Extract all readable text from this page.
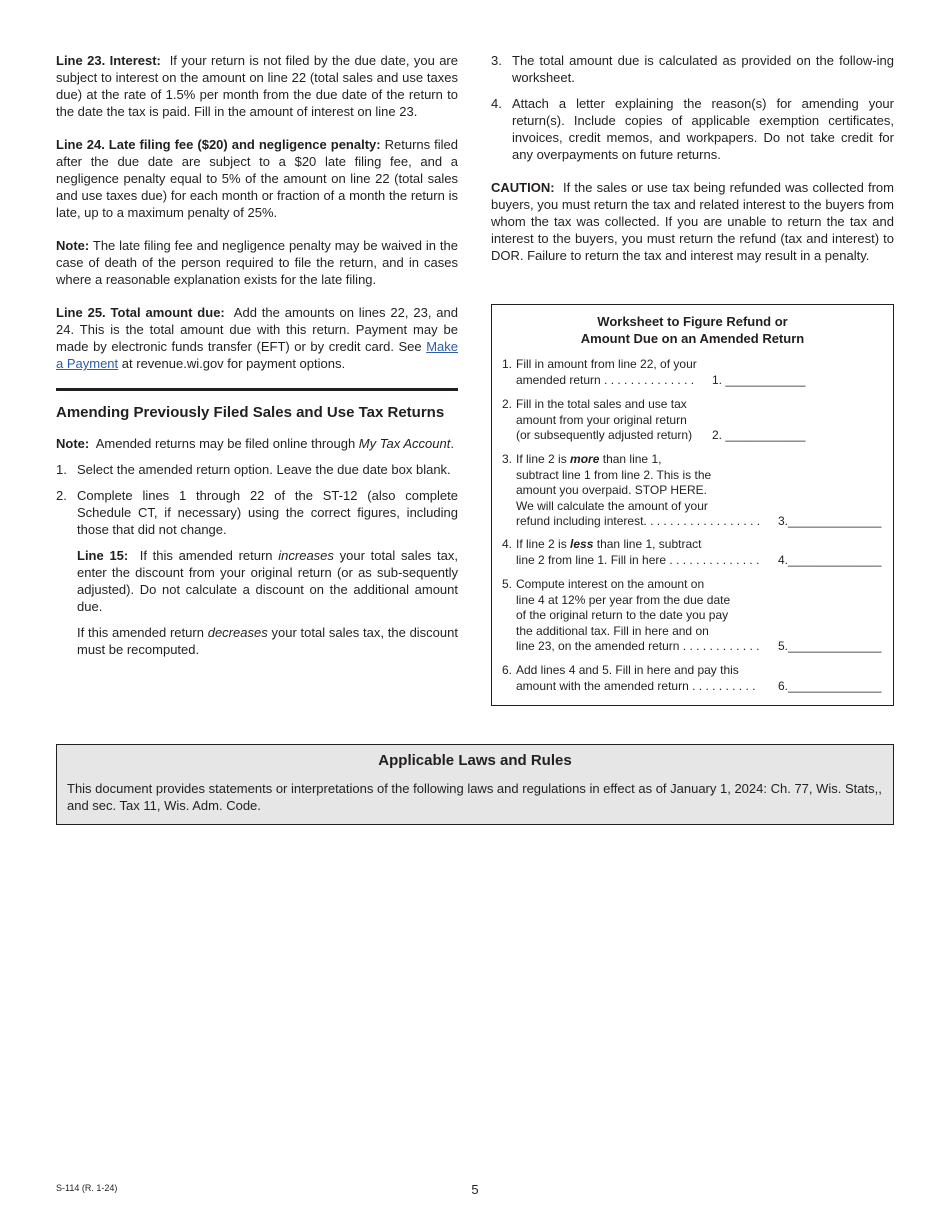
Line 23. Interest: If your return is not filed by the due date, you are subject to interest on the amount on line 22 (total sales and use taxes due) at the rate of 1.5% per month from the due date of the return to the date the tax is paid. Fill in the amount of interest on line 23.

Line 24. Late filing fee ($20) and negligence penalty: Returns filed after the due date are subject to a $20 late filing fee, and a negligence penalty equal to 5% of the amount on line 22 (total sales and use taxes due) for each month or fraction of a month the return is late, up to a maximum penalty of 25%.

Note: The late filing fee and negligence penalty may be waived in the case of death of the person required to file the return, and in cases where a reasonable explanation exists for the late filing.

Line 25. Total amount due: Add the amounts on lines 22, 23, and 24. This is the total amount due with this return. Payment may be made by electronic funds transfer (EFT) or by credit card. See Make a Payment at revenue.wi.gov for payment options.

Amending Previously Filed Sales and Use Tax Returns

Note: Amended returns may be filed online through My Tax Account.

1. Select the amended return option. Leave the due date box blank.
2. Complete lines 1 through 22 of the ST-12 (also complete Schedule CT, if necessary) using the correct figures, including those that did not change.

Line 15: If this amended return increases your total sales tax, enter the discount from your original return (or as sub-sequently adjusted). Do not calculate a discount on the additional amount due.

If this amended return decreases your total sales tax, the discount must be recomputed.

3. The total amount due is calculated as provided on the follow-ing worksheet.
4. Attach a letter explaining the reason(s) for amending your return(s). Include copies of applicable exemption certificates, invoices, credit memos, and workpapers. Do not take credit for any overpayments on future returns.

CAUTION: If the sales or use tax being refunded was collected from buyers, you must return the tax and related interest to the buyers from whom the tax was collected. If you are unable to return the tax and interest to the buyers, you must return the refund (tax and interest) to DOR. Failure to return the tax and interest may result in a penalty.

Worksheet to Figure Refund or
Amount Due on an Amended Return
1. Fill in amount from line 22, of your
amended return . . . . . . . . . . . . . .	1. ____________
2. Fill in the total sales and use tax
amount from your original return
(or subsequently adjusted return)	2. ____________
3. If line 2 is more than line 1,
subtract line 1 from line 2. This is the
amount you overpaid. STOP HERE.
We will calculate the amount of your
refund including interest. . . . . . . . . . . . . . . . . .	3.______________
4. If line 2 is less than line 1, subtract
line 2 from line 1. Fill in here . . . . . . . . . . . . . .	4.______________
5. Compute interest on the amount on
line 4 at 12% per year from the due date
of the original return to the date you pay
the additional tax. Fill in here and on
line 23, on the amended return . . . . . . . . . . . .	5.______________
6. Add lines 4 and 5. Fill in here and pay this
amount with the amended return . . . . . . . . . .	6.______________
Applicable Laws and Rules
This document provides statements or interpretations of the following laws and regulations in effect as of January 1, 2024: Ch. 77, Wis. Stats,, and sec. Tax 11, Wis. Adm. Code.
S-114 (R. 1-24)	5
